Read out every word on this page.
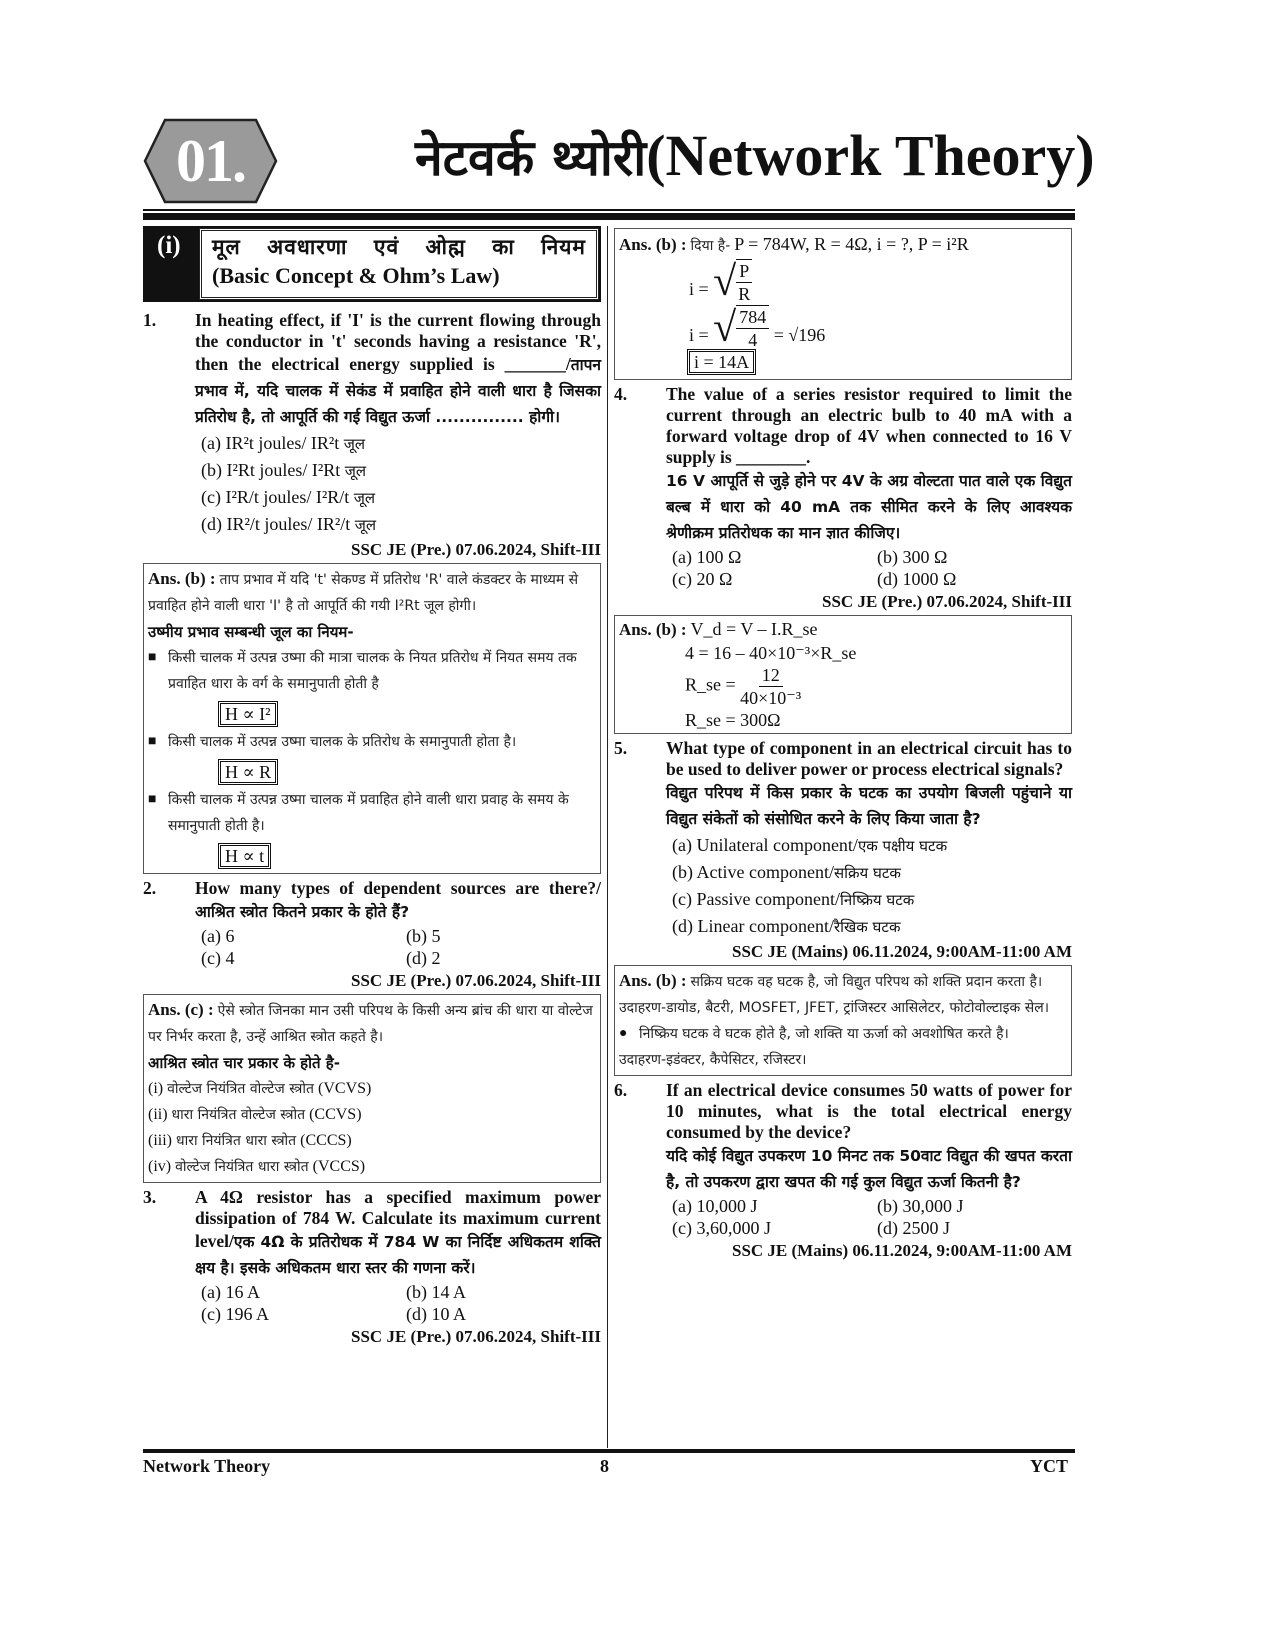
01.	नेटवर्क थ्योरी(Network Theory)
(i) मूल अवधारणा एवं ओह्म का नियम
(Basic Concept & Ohm’s Law)
1. In heating effect, if 'I' is the current flowing through the conductor in 't' seconds having a resistance 'R', then the electrical energy supplied is _______/तापन प्रभाव में, यदि चालक में सेकंड में प्रवाहित होने वाली धारा है जिसका प्रतिरोध है, तो आपूर्ति की गई विद्युत ऊर्जा ............... होगी।
(a) IR²t joules/ IR²t जूल
(b) I²Rt joules/ I²Rt जूल
(c) I²R/t joules/ I²R/t जूल
(d) IR²/t joules/ IR²/t जूल
SSC JE (Pre.) 07.06.2024, Shift-III
Ans. (b) : ताप प्रभाव में यदि 't' सेकण्ड में प्रतिरोध 'R' वाले कंडक्टर के माध्यम से प्रवाहित होने वाली धारा 'I' है तो आपूर्ति की गयी I²Rt जूल होगी।
उष्मीय प्रभाव सम्बन्धी जूल का नियम-
■ किसी चालक में उत्पन्न उष्मा की मात्रा चालक के नियत प्रतिरोध में नियत समय तक प्रवाहित धारा के वर्ग के समानुपाती होती है
H ∝ I²
■ किसी चालक में उत्पन्न उष्मा चालक के प्रतिरोध के समानुपाती होता है।
H ∝ R
■ किसी चालक में उत्पन्न उष्मा चालक में प्रवाहित होने वाली धारा प्रवाह के समय के समानुपाती होती है।
H ∝ t
2. How many types of dependent sources are there?/आश्रित स्त्रोत कितने प्रकार के होते हैं?
(a) 6	(b) 5
(c) 4	(d) 2
SSC JE (Pre.) 07.06.2024, Shift-III
Ans. (c) : ऐसे स्त्रोत जिनका मान उसी परिपथ के किसी अन्य ब्रांच की धारा या वोल्टेज पर निर्भर करता है, उन्हें आश्रित स्त्रोत कहते है।
आश्रित स्त्रोत चार प्रकार के होते है-
(i) वोल्टेज नियंत्रित वोल्टेज स्त्रोत (VCVS)
(ii) धारा नियंत्रित वोल्टेज स्त्रोत (CCVS)
(iii) धारा नियंत्रित धारा स्त्रोत (CCCS)
(iv) वोल्टेज नियंत्रित धारा स्त्रोत (VCCS)
3. A 4Ω resistor has a specified maximum power dissipation of 784 W. Calculate its maximum current level/एक 4Ω के प्रतिरोधक में 784 W का निर्दिष्ट अधिकतम शक्ति क्षय है। इसके अधिकतम धारा स्तर की गणना करें।
(a) 16 A	(b) 14 A
(c) 196 A	(d) 10 A
SSC JE (Pre.) 07.06.2024, Shift-III
Ans. (b) : दिया है- P = 784W, R = 4Ω, i = ?, P = i²R
i = √ $\frac{P}{R}$
i = √ $\frac{784}{4} = √196$
i = 14A
4. The value of a series resistor required to limit the current through an electric bulb to 40 mA with a forward voltage drop of 4V when connected to 16 V supply is ________.
16 V आपूर्ति से जुड़े होने पर 4V के अग्र वोल्टता पात वाले एक विद्युत बल्ब में धारा को 40 mA तक सीमित करने के लिए आवश्यक श्रेणीक्रम प्रतिरोधक का मान ज्ञात कीजिए।
(a) 100 Ω	(b) 300 Ω
(c) 20 Ω	(d) 1000 Ω
SSC JE (Pre.) 07.06.2024, Shift-III
Ans. (b) : V_d = V – I.R_se
4 = 16 – 40×10⁻³×R_se
R_se = $\frac{12}{\text{40×10⁻³}}$
R_se = 300Ω
5. What type of component in an electrical circuit has to be used to deliver power or process electrical signals?
विद्युत परिपथ में किस प्रकार के घटक का उपयोग बिजली पहुंचाने या विद्युत संकेतों को संसोधित करने के लिए किया जाता है?
(a) Unilateral component/एक पक्षीय घटक
(b) Active component/सक्रिय घटक
(c) Passive component/निष्क्रिय घटक
(d) Linear component/रैखिक घटक
SSC JE (Mains) 06.11.2024, 9:00AM-11:00 AM
Ans. (b) : सक्रिय घटक वह घटक है, जो विद्युत परिपथ को शक्ति प्रदान करता है।
उदाहरण-डायोड, बैटरी, MOSFET, JFET, ट्रांजिस्टर आसिलेटर, फोटोवोल्टाइक सेल।
● निष्क्रिय घटक वे घटक होते है, जो शक्ति या ऊर्जा को अवशोषित करते है।
उदाहरण-इडंक्टर, कैपेसिटर, रजिस्टर।
6. If an electrical device consumes 50 watts of power for 10 minutes, what is the total electrical energy consumed by the device?
यदि कोई विद्युत उपकरण 10 मिनट तक 50वाट विद्युत की खपत करता है, तो उपकरण द्वारा खपत की गई कुल विद्युत ऊर्जा कितनी है?
(a) 10,000 J	(b) 30,000 J
(c) 3,60,000 J	(d) 2500 J
SSC JE (Mains) 06.11.2024, 9:00AM-11:00 AM
Network Theory	8	YCT
